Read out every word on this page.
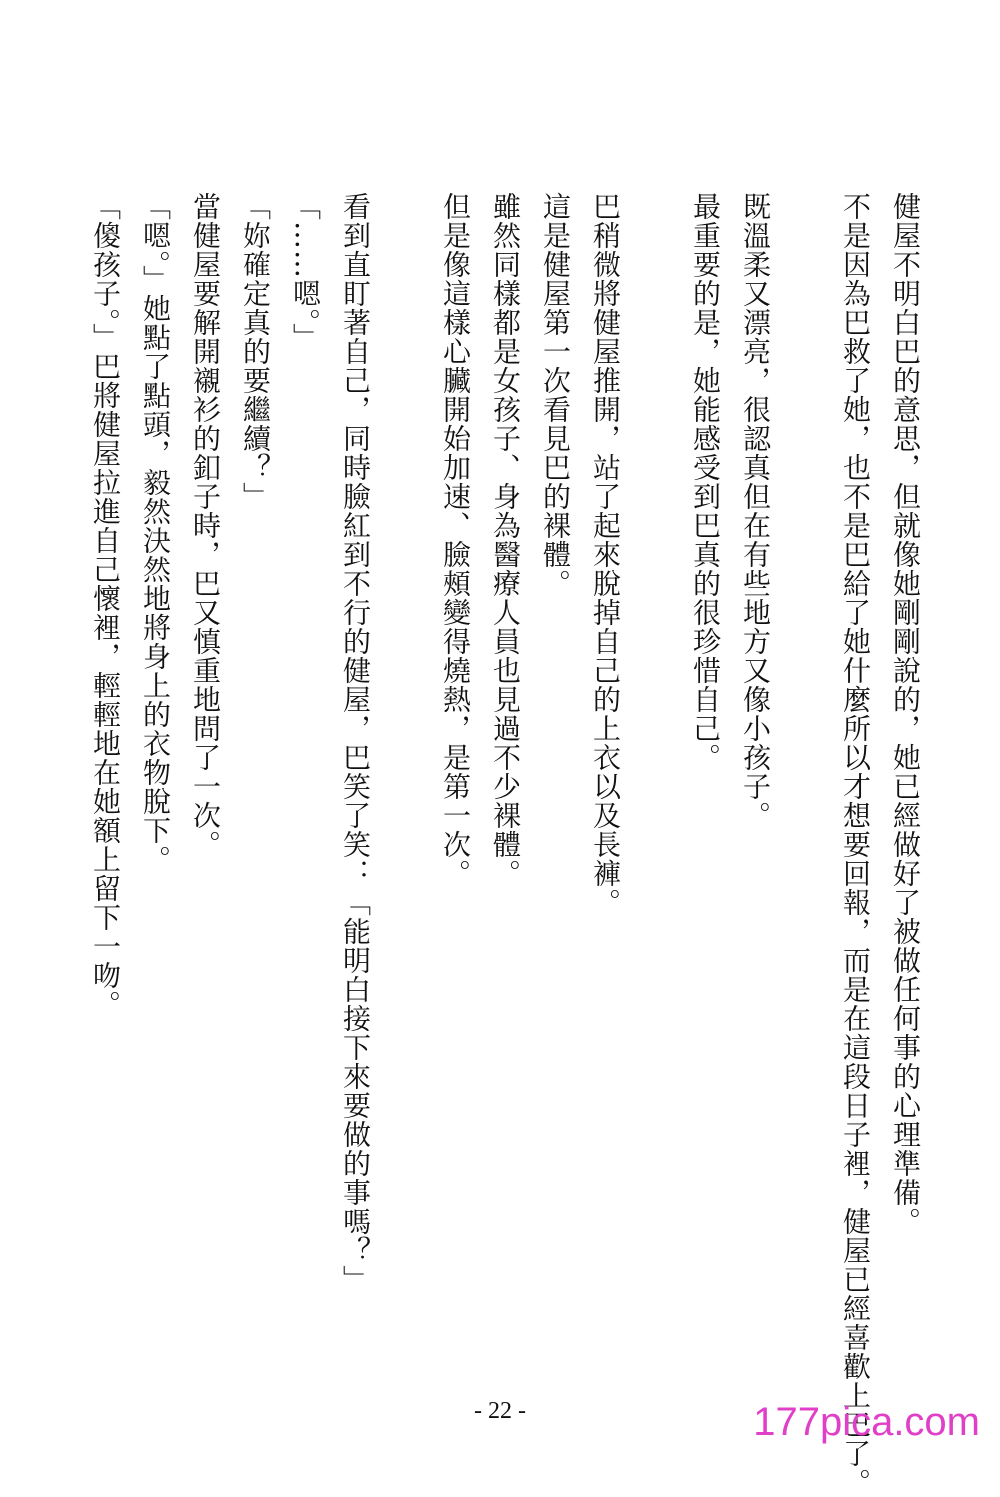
健屋不明白巴的意思，但就像她剛剛說的，她已經做好了被做任何事的心理準備。

不是因為巴救了她，也不是巴給了她什麼所以才想要回報，而是在這段日子裡，健屋已經喜歡上巴了。

既溫柔又漂亮，很認真但在有些地方又像小孩子。

最重要的是，她能感受到巴真的很珍惜自己。

巴稍微將健屋推開，站了起來脫掉自己的上衣以及長褲。

這是健屋第一次看見巴的裸體。

雖然同樣都是女孩子、身為醫療人員也見過不少裸體。

但是像這樣心臟開始加速、臉頰變得燒熱，是第一次。

看到直盯著自己，同時臉紅到不行的健屋，巴笑了笑：「能明白接下來要做的事嗎？」

「……嗯。」

「妳確定真的要繼續？」

當健屋要解開襯衫的釦子時，巴又慎重地問了一次。

「嗯。」她點了點頭，毅然決然地將身上的衣物脫下。

「傻孩子。」巴將健屋拉進自己懷裡，輕輕地在她額上留下一吻。

- 22 -	177pica.com
